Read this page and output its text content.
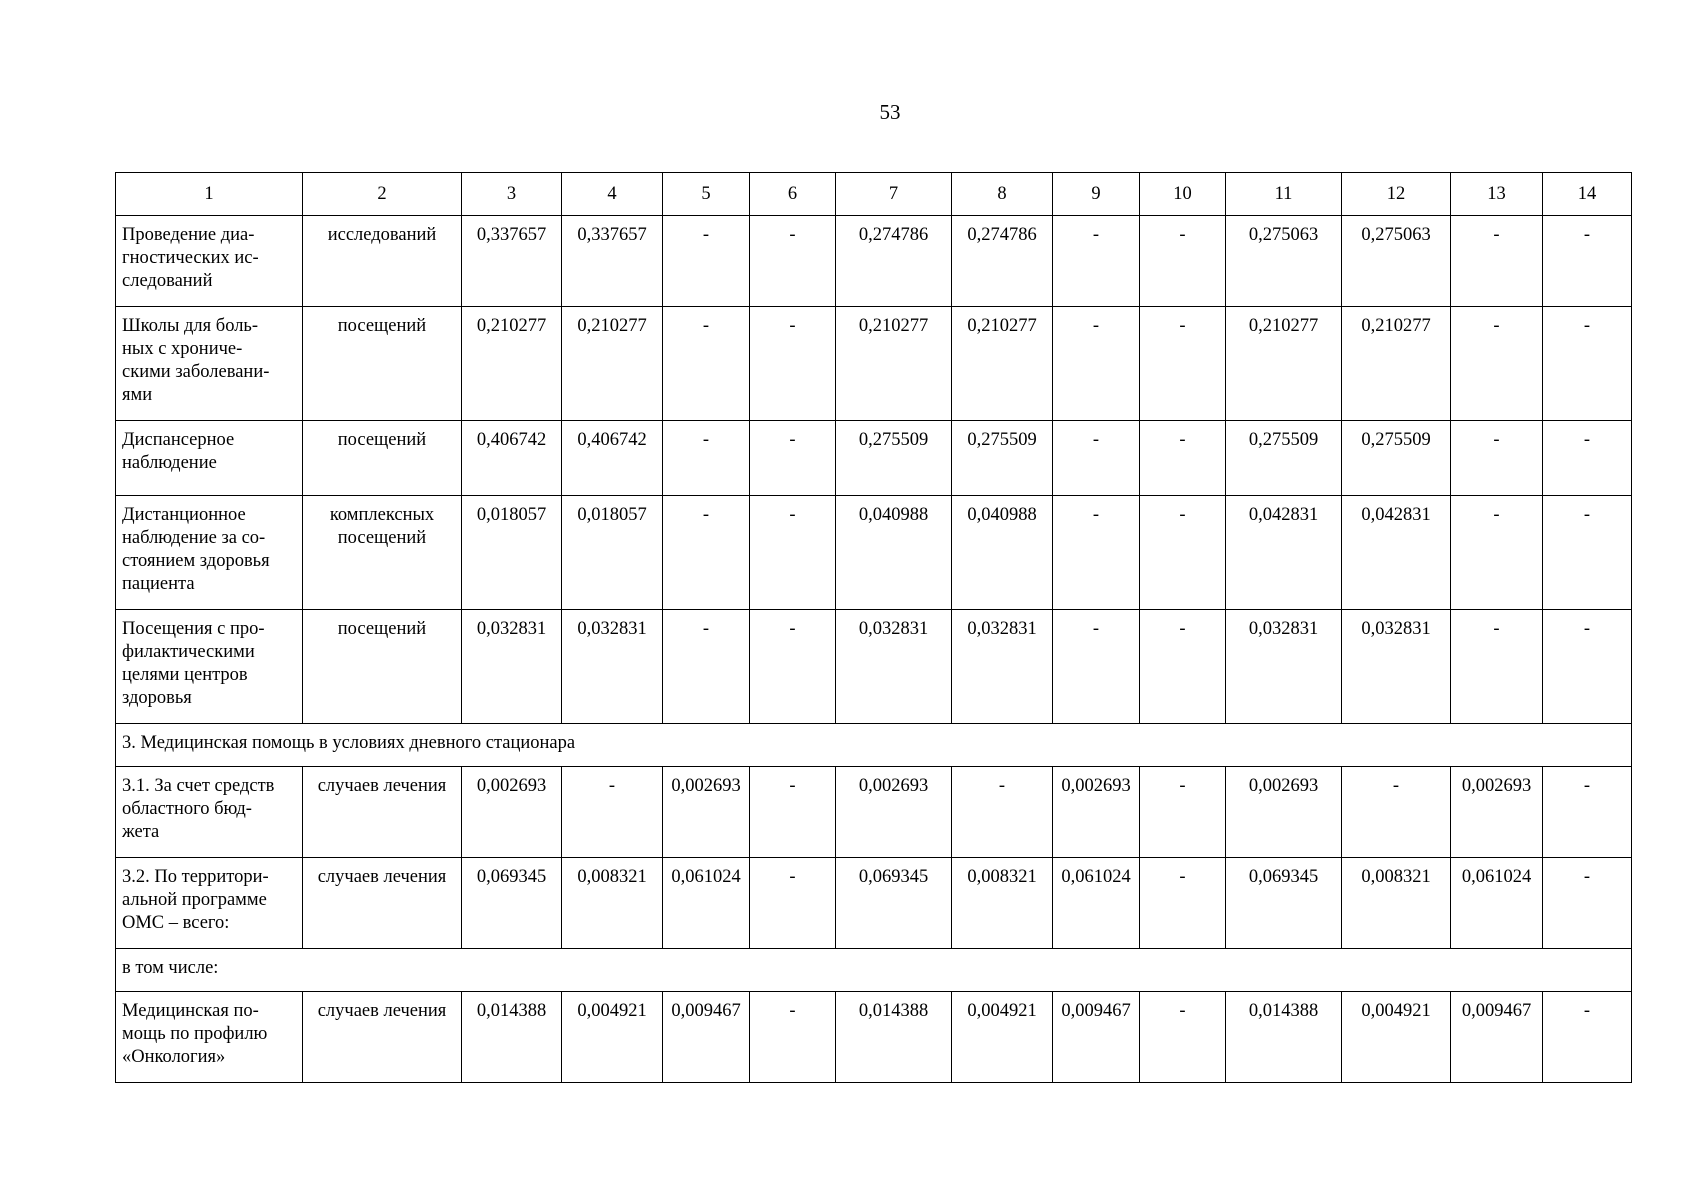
53
1	2	3	4	5	6	7	8	9	10	11	12	13	14
Проведение диа-
гностических ис-
следований	исследований	0,337657	0,337657	-	-	0,274786	0,274786	-	-	0,275063	0,275063	-	-
Школы для боль-
ных с хрониче-
скими заболевани-
ями	посещений	0,210277	0,210277	-	-	0,210277	0,210277	-	-	0,210277	0,210277	-	-
Диспансерное
наблюдение	посещений	0,406742	0,406742	-	-	0,275509	0,275509	-	-	0,275509	0,275509	-	-
Дистанционное
наблюдение за со-
стоянием здоровья
пациента	комплексных
посещений	0,018057	0,018057	-	-	0,040988	0,040988	-	-	0,042831	0,042831	-	-
Посещения с про-
филактическими
целями центров
здоровья	посещений	0,032831	0,032831	-	-	0,032831	0,032831	-	-	0,032831	0,032831	-	-
3. Медицинская помощь в условиях дневного стационара													
3.1. За счет средств
областного бюд-
жета	случаев лечения	0,002693	-	0,002693	-	0,002693	-	0,002693	-	0,002693	-	0,002693	-
3.2. По территори-
альной программе
ОМС – всего:	случаев лечения	0,069345	0,008321	0,061024	-	0,069345	0,008321	0,061024	-	0,069345	0,008321	0,061024	-
в том числе:													
Медицинская по-
мощь по профилю
«Онкология»	случаев лечения	0,014388	0,004921	0,009467	-	0,014388	0,004921	0,009467	-	0,014388	0,004921	0,009467	-
